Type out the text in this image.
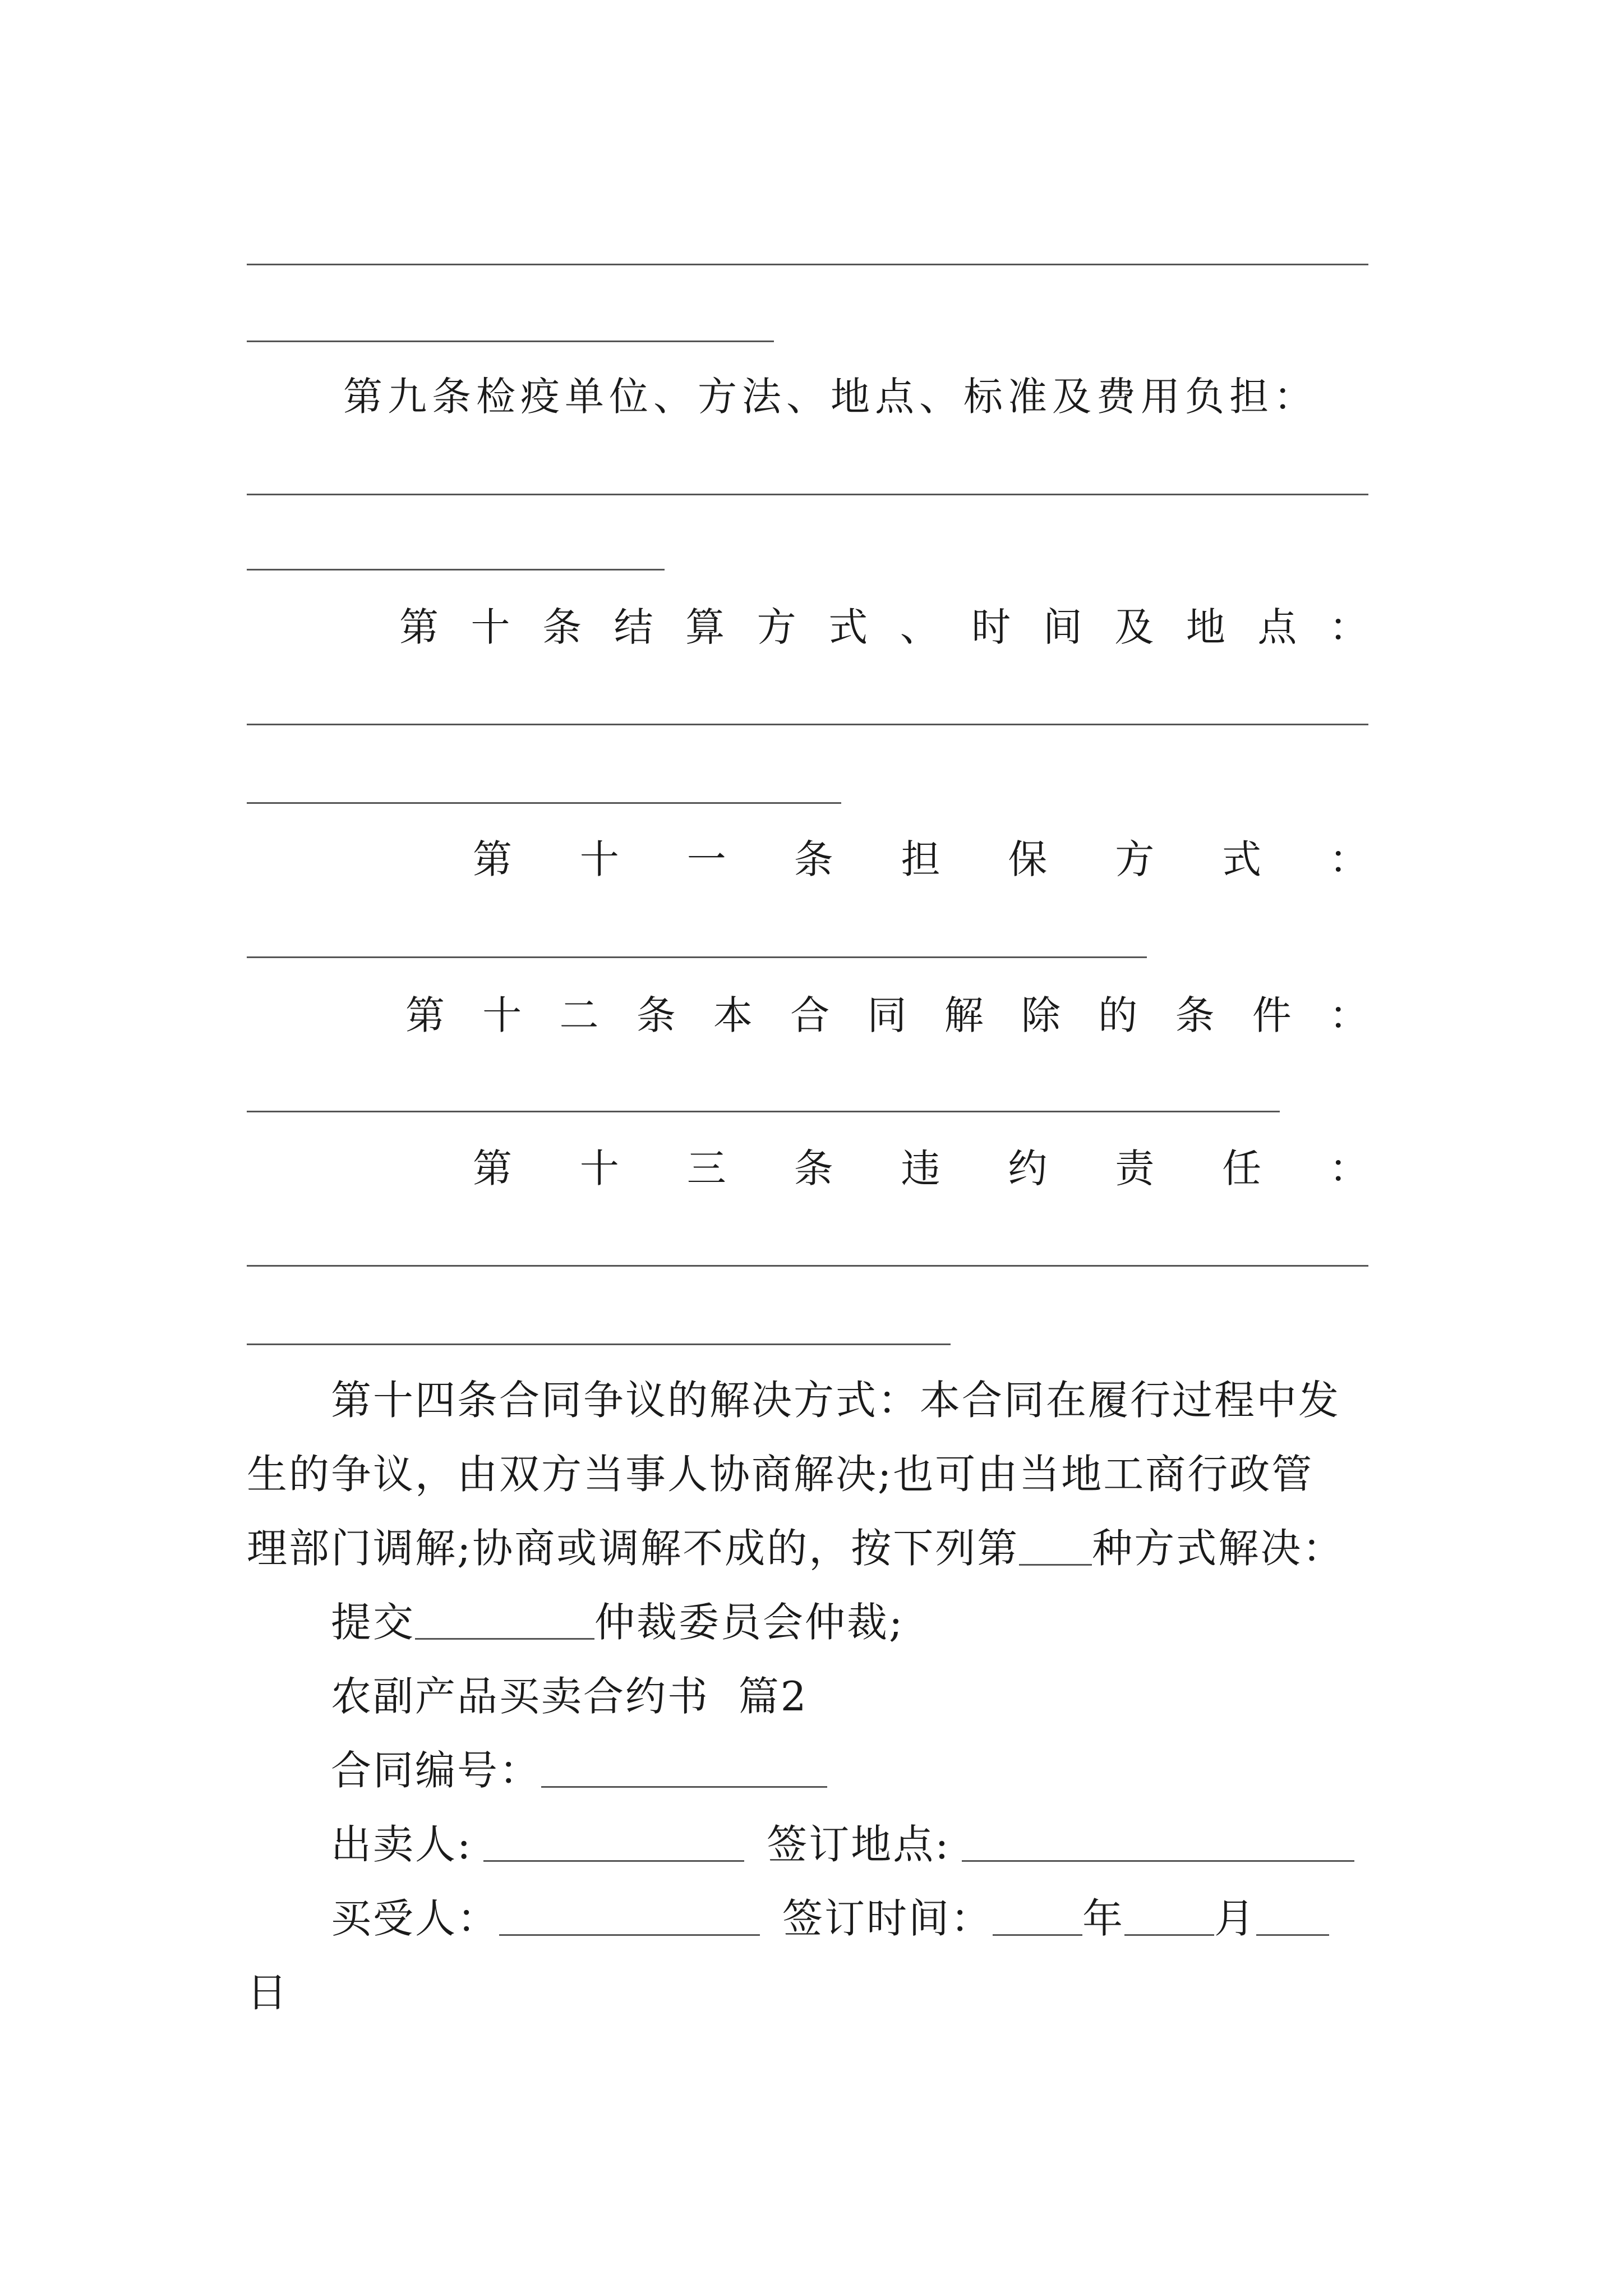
第九条检疫单位、方法、地点、标准及费用负担：
第 十 条 结 算 方 式 、 时 间 及 地 点 ：
第 十 一 条 担 保 方 式 ：
第 十 二 条 本 合 同 解 除 的 条 件 ：
第 十 三 条 违 约 责 任 ：
第十四条合同争议的解决方式：本合同在履行过程中发
生的争议，由双方当事人协商解决;也可由当地工商行政管
理部门调解;协商或调解不成的，按下列第 种方式解决：
提交	仲裁委员会仲裁;
农副产品买卖合约书  篇2
合同编号：
出卖人:	签订地点:
买受人：	签订时间： 年 月
日
